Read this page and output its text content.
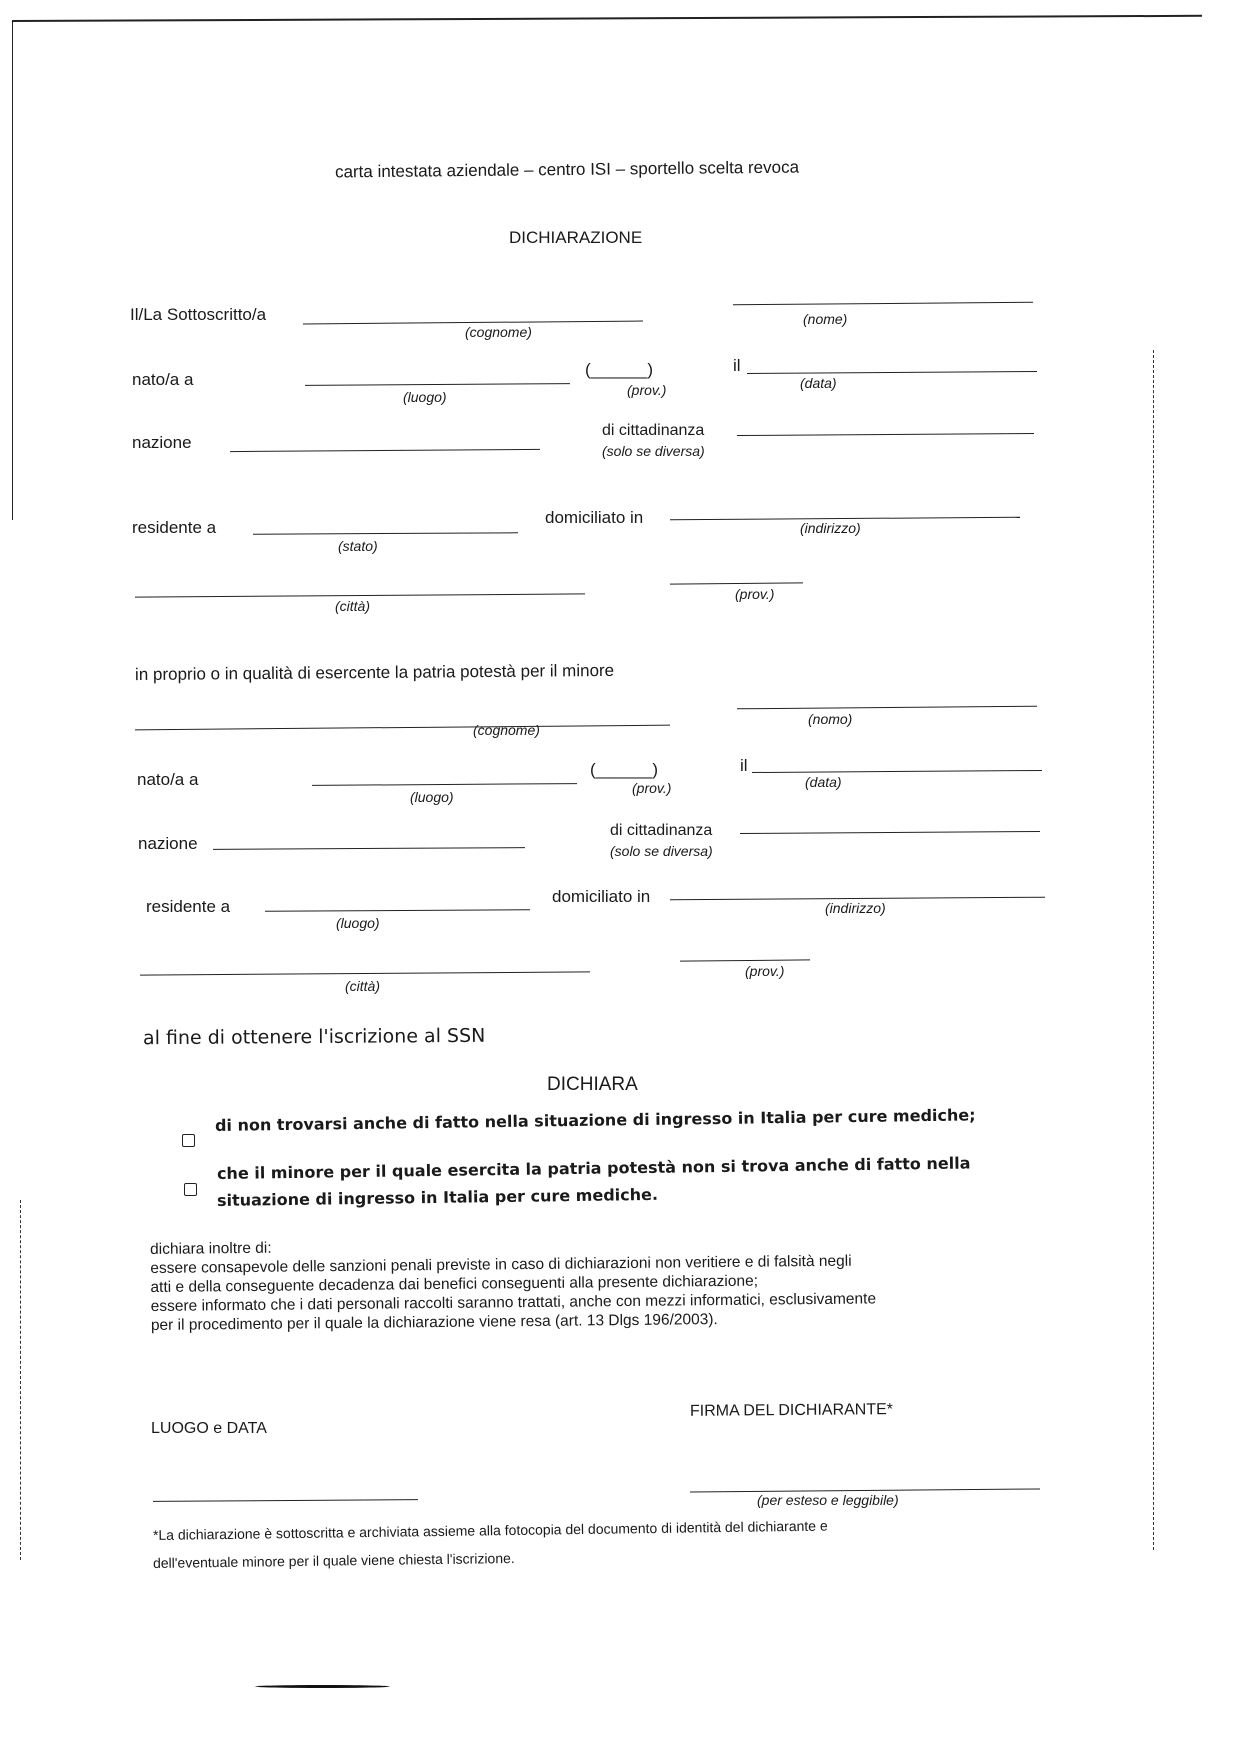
carta intestata aziendale – centro ISI – sportello scelta revoca
DICHIARAZIONE
Il/La Sottoscritto/a
(cognome)
(nome)
nato/a a
(luogo)
(______)
(prov.)
il
(data)
nazione
di cittadinanza
(solo se diversa)
residente a
(stato)
domiciliato in
(indirizzo)
(città)
(prov.)
in proprio o in qualità di esercente la patria potestà per il minore
(cognome)
(nomo)
nato/a a
(luogo)
(______)
(prov.)
il
(data)
nazione
di cittadinanza
(solo se diversa)
residente a
(luogo)
domiciliato in
(indirizzo)
(città)
(prov.)
al fine di ottenere l'iscrizione al SSN
DICHIARA
di non trovarsi anche di fatto nella situazione di ingresso in Italia per cure mediche;
che il minore per il quale esercita la patria potestà non si trova anche di fatto nella
situazione di ingresso in Italia per cure mediche.
dichiara inoltre di:
essere consapevole delle sanzioni penali previste in caso di dichiarazioni non veritiere e di falsità negli
atti e della conseguente decadenza dai benefici conseguenti alla presente dichiarazione;
essere informato che i dati personali raccolti saranno trattati, anche con mezzi informatici, esclusivamente
per il procedimento per il quale la dichiarazione viene resa (art. 13 Dlgs 196/2003).
LUOGO e DATA
FIRMA DEL DICHIARANTE*
(per esteso e leggibile)
*La dichiarazione è sottoscritta e archiviata assieme alla fotocopia del documento di identità del dichiarante e
dell'eventuale minore per il quale viene chiesta l'iscrizione.
